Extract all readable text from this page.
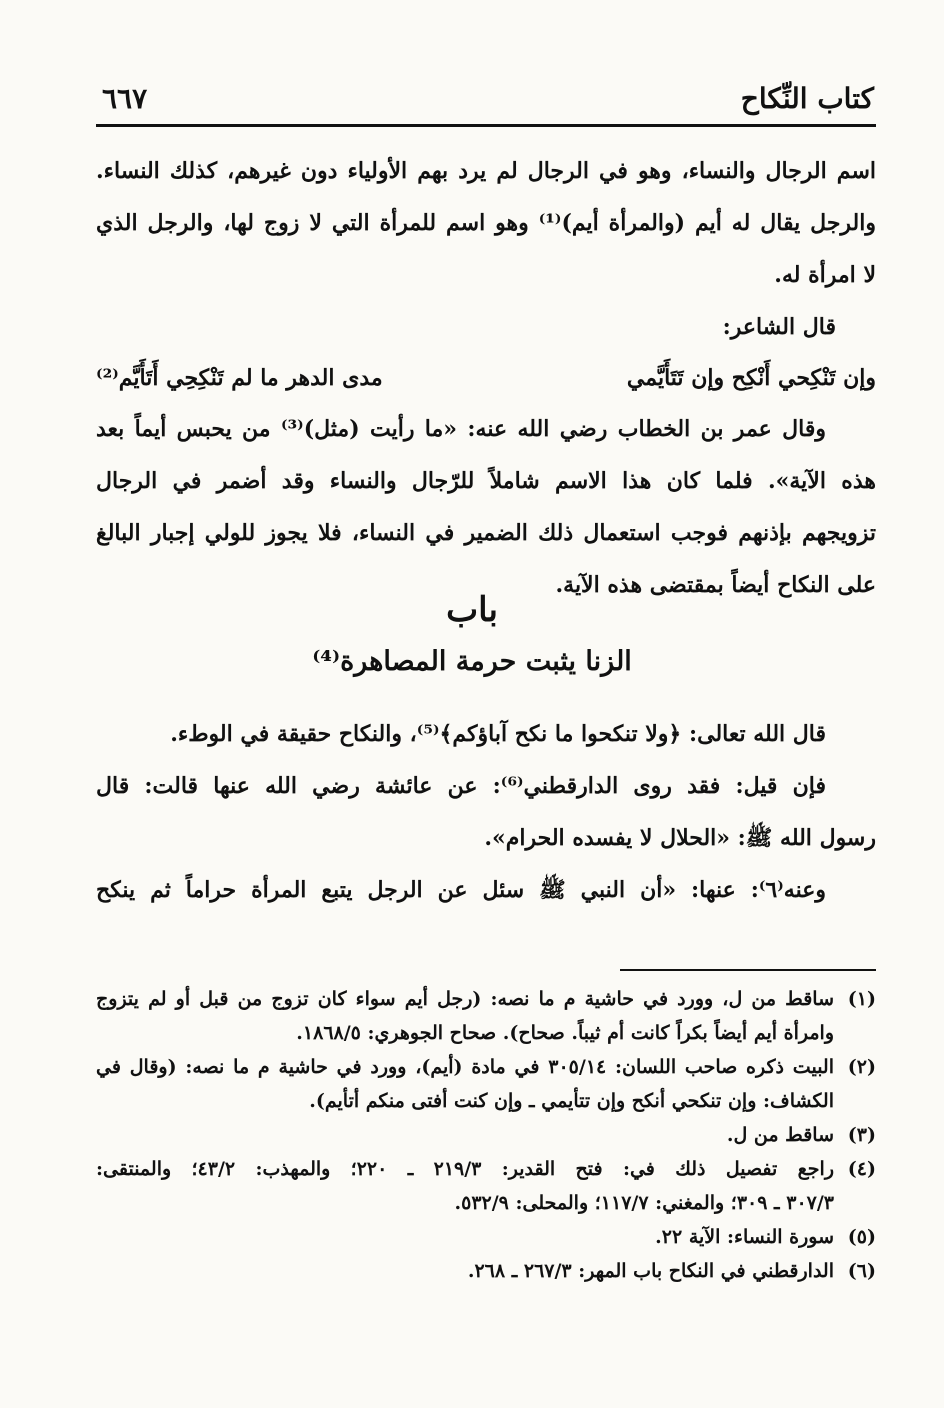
كتاب النِّكاح
٦٦٧
اسم الرجال والنساء، وهو في الرجال لم يرد بهم الأولياء دون غيرهم، كذلك النساء.
والرجل يقال له أيم (والمرأة أيم)⁽¹⁾ وهو اسم للمرأة التي لا زوج لها، والرجل الذي
لا امرأة له.
قال الشاعر:
وإن تَنْكِحي أَنْكِح وإن تَتَأَيَّمي
مدى الدهر ما لم تَنْكِحِي أَتَأَيَّم⁽²⁾
وقال عمر بن الخطاب رضي الله عنه: «ما رأيت (مثل)⁽³⁾ من يحبس أيماً بعد
هذه الآية». فلما كان هذا الاسم شاملاً للرّجال والنساء وقد أضمر في الرجال
تزويجهم بإذنهم فوجب استعمال ذلك الضمير في النساء، فلا يجوز للولي إجبار البالغ
على النكاح أيضاً بمقتضى هذه الآية.
باب
الزنا يثبت حرمة المصاهرة⁽⁴⁾
قال الله تعالى: ﴿ولا تنكحوا ما نكح آباؤكم﴾⁽⁵⁾، والنكاح حقيقة في الوطء.
فإن قيل: فقد روى الدارقطني⁽⁶⁾: عن عائشة رضي الله عنها قالت: قال
رسول الله ﷺ: «الحلال لا يفسده الحرام».
وعنه⁽٦⁾: عنها: «أن النبي ﷺ سئل عن الرجل يتبع المرأة حراماً ثم ينكح
(١)
ساقط من ل، وورد في حاشية م ما نصه: (رجل أيم سواء كان تزوج من قبل أو لم يتزوج
وامرأة أيم أيضاً بكراً كانت أم ثيباً. صحاح). صحاح الجوهري: ١٨٦٨/٥.
(٢)
البيت ذكره صاحب اللسان: ٣٠٥/١٤ في مادة (أيم)، وورد في حاشية م ما نصه: (وقال في
الكشاف: وإن تنكحي أنكح وإن تتأيمي ـ وإن كنت أفتى منكم أتأيم).
(٣)
ساقط من ل.
(٤)
راجع تفصيل ذلك في: فتح القدير: ٢١٩/٣ ـ ٢٢٠؛ والمهذب: ٤٣/٢؛ والمنتقى:
٣٠٧/٣ ـ ٣٠٩؛ والمغني: ١١٧/٧؛ والمحلى: ٥٣٢/٩.
(٥)
سورة النساء: الآية ٢٢.
(٦)
الدارقطني في النكاح باب المهر: ٢٦٧/٣ ـ ٢٦٨.
